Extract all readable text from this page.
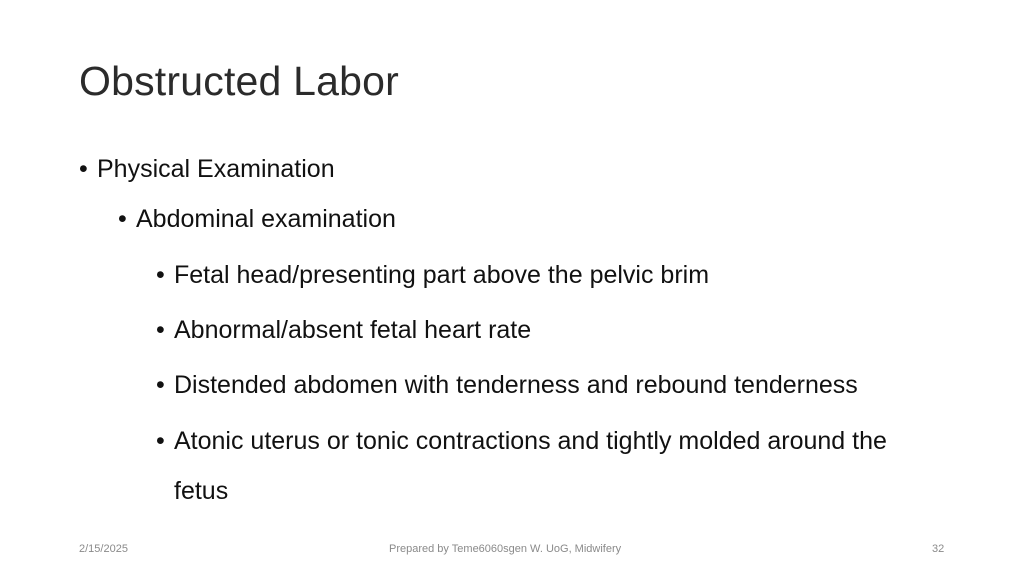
Obstructed Labor
• Physical Examination
• Abdominal examination
• Fetal head/presenting part above the pelvic brim
• Abnormal/absent fetal heart rate
• Distended abdomen with tenderness and rebound tenderness
• Atonic uterus or tonic contractions and tightly molded around the fetus
2/15/2025	Prepared by Teme6060sgen W. UoG, Midwifery	32
